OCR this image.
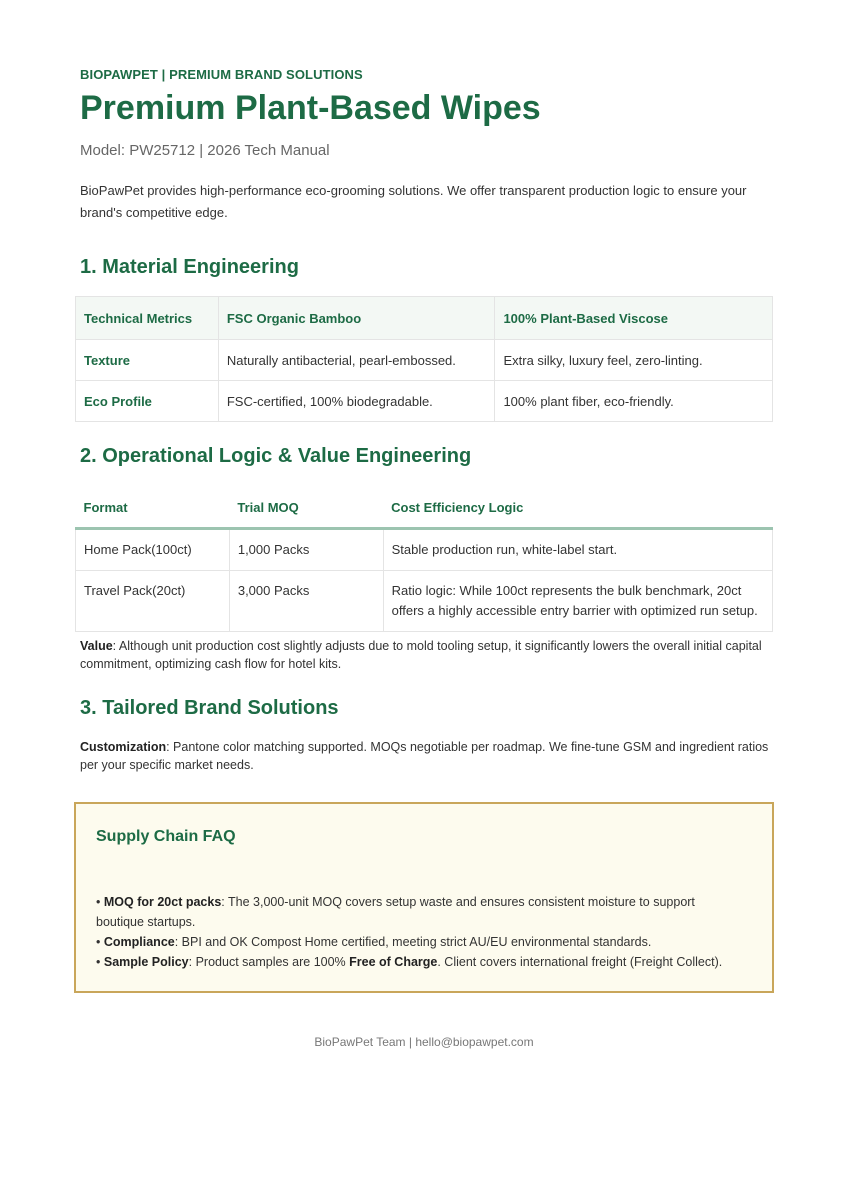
BIOPAWPET | PREMIUM BRAND SOLUTIONS
Premium Plant-Based Wipes
Model: PW25712 | 2026 Tech Manual

BioPawPet provides high-performance eco-grooming solutions. We offer transparent production logic to ensure your brand's competitive edge.

1. Material Engineering
Technical Metrics	FSC Organic Bamboo	100% Plant-Based Viscose
Texture	Naturally antibacterial, pearl-embossed.	Extra silky, luxury feel, zero-linting.
Eco Profile	FSC-certified, 100% biodegradable.	100% plant fiber, eco-friendly.
2. Operational Logic & Value Engineering
Format	Trial MOQ	Cost Efficiency Logic
Home Pack(100ct)	1,000 Packs	Stable production run, white-label start.
Travel Pack(20ct)	3,000 Packs	Ratio logic: While 100ct represents the bulk benchmark, 20ct offers a highly accessible entry barrier with optimized run setup.

Value: Although unit production cost slightly adjusts due to mold tooling setup, it significantly lowers the overall initial capital commitment, optimizing cash flow for hotel kits.

3. Tailored Brand Solutions

Customization: Pantone color matching supported. MOQs negotiable per roadmap. We fine-tune GSM and ingredient ratios per your specific market needs.

Supply Chain FAQ
• MOQ for 20ct packs: The 3,000-unit MOQ covers setup waste and ensures consistent moisture to support boutique startups.
• Compliance: BPI and OK Compost Home certified, meeting strict AU/EU environmental standards.
• Sample Policy: Product samples are 100% Free of Charge. Client covers international freight (Freight Collect).
BioPawPet Team | hello@biopawpet.com
